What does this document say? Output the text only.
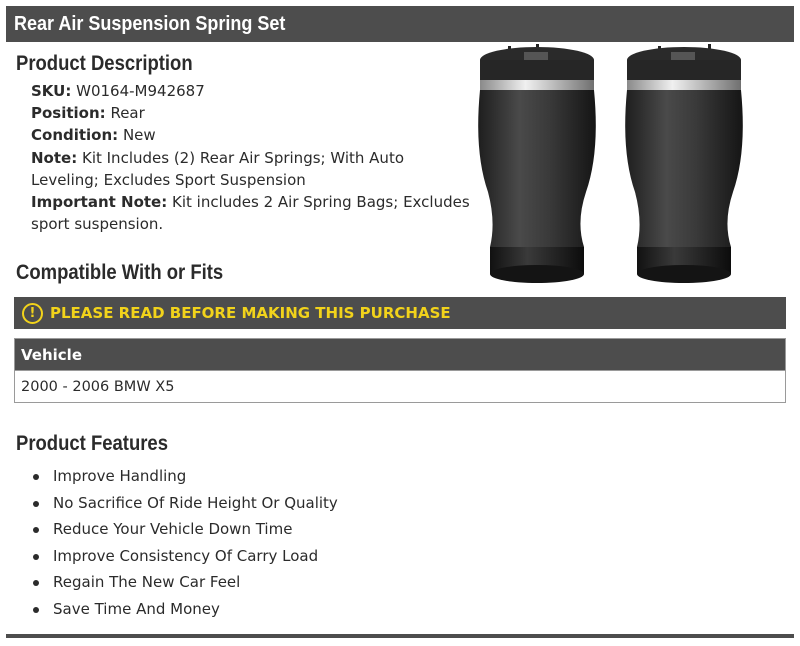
Rear Air Suspension Spring Set
Product Description
SKU: W0164-M942687
Position: Rear
Condition: New
Note: Kit Includes (2) Rear Air Springs; With Auto Leveling; Excludes Sport Suspension
Important Note: Kit includes 2 Air Spring Bags; Excludes sport suspension.
Compatible With or Fits
! PLEASE READ BEFORE MAKING THIS PURCHASE
Vehicle
2000 - 2006 BMW X5
Product Features
Improve Handling
No Sacrifice Of Ride Height Or Quality
Reduce Your Vehicle Down Time
Improve Consistency Of Carry Load
Regain The New Car Feel
Save Time And Money
